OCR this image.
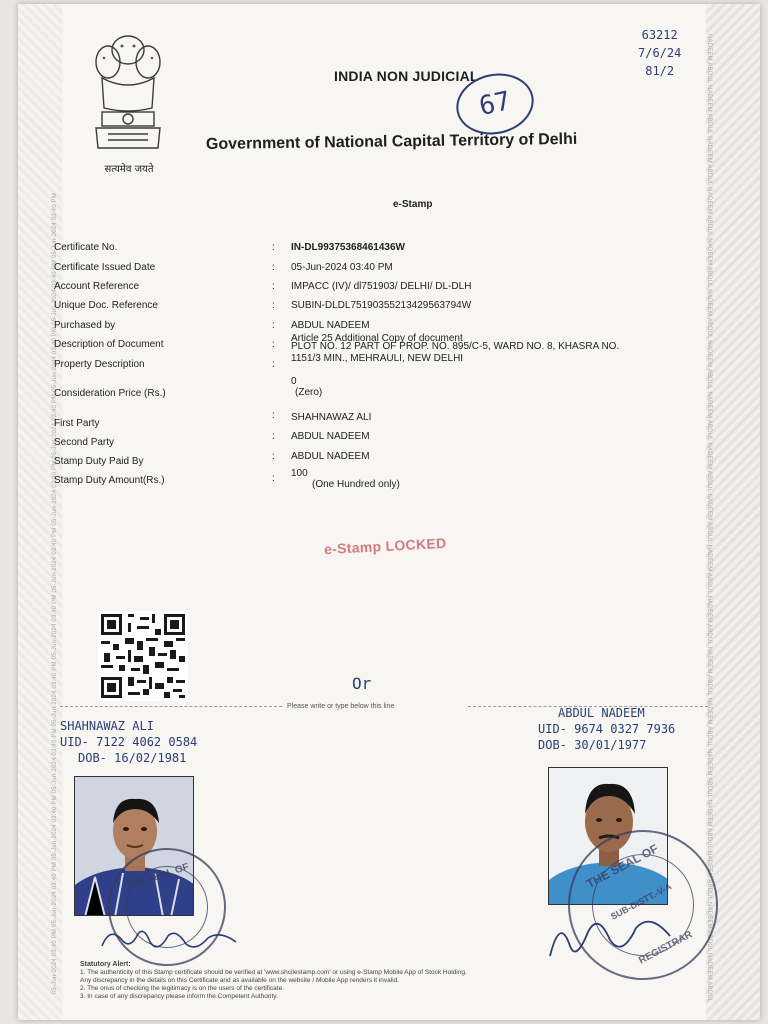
05-Jun-2024 03:40 PM 05-Jun-2024 03:40 PM 05-Jun-2024 03:40 PM 05-Jun-2024 03:40 PM 05-Jun-2024 03:40 PM 05-Jun-2024 03:40 PM 05-Jun-2024 03:40 PM 05-Jun-2024 03:40 PM 05-Jun-2024 03:40 PM 05-Jun-2024 03:40 PM 05-Jun-2024 03:40 PM 05-Jun-2024 03:40 PM	NADEEM ABDUL NADEEM ABDUL NADEEM ABDUL NADEEM ABDUL NADEEM ABDUL NADEEM ABDUL NADEEM ABDUL NADEEM ABDUL NADEEM ABDUL NADEEM ABDUL NADEEM ABDUL NADEEM ABDUL NADEEM ABDUL NADEEM ABDUL NADEEM ABDUL NADEEM ABDUL NADEEM ABDUL NADEEM ABDUL NADEEM ABDUL
सत्यमेव जयते
INDIA NON JUDICIAL
Government of National Capital Territory of Delhi
e-Stamp
63212
7/6/24
81/2
67
Certificate No.	: IN-DL99375368461436W
Certificate Issued Date	: 05-Jun-2024 03:40 PM
Account Reference	: IMPACC (IV)/ dl751903/ DELHI/ DL-DLH
Unique Doc. Reference	: SUBIN-DLDL75190355213429563794W
Purchased by	: ABDUL NADEEM
Description of Document	:
Article 25 Additional Copy of document
Property Description	:
PLOT NO. 12 PART OF PROP. NO. 895/C-5, WARD NO. 8, KHASRA NO.
1151/3 MIN., MEHRAULI, NEW DELHI
Consideration Price (Rs.)
0
(Zero)
First Party
: SHAHNAWAZ ALI
Second Party
: ABDUL NADEEM
Stamp Duty Paid By	: ABDUL NADEEM
Stamp Duty Amount(Rs.)	: 100
(One Hundred only)
e-Stamp LOCKED
Or
Please write or type below this line
SHAHNAWAZ ALI
UID- 7122 4062 0584
DOB- 16/02/1981
ABDUL NADEEM
UID- 9674 0327 7936
DOB- 30/01/1977
THE SEAL OF	THE SEAL OF
SUB-DISTT.-V-A
REGISTRAR
Statutory Alert:
1. The authenticity of this Stamp certificate should be verified at 'www.shcilestamp.com' or using e-Stamp Mobile App of Stock Holding.
Any discrepancy in the details on this Certificate and as available on the website / Mobile App renders it invalid.
2. The onus of checking the legitimacy is on the users of the certificate.
3. In case of any discrepancy please inform the Competent Authority.
